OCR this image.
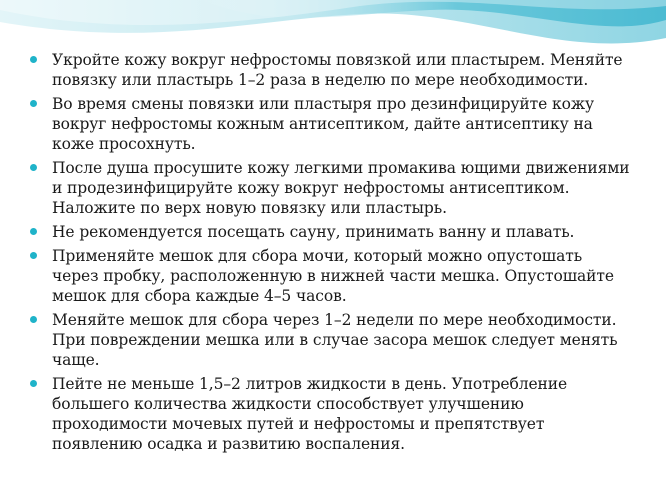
Укройте кожу вокруг нефростомы повязкой или пластырем. Меняйте повязку или пластырь 1–2 раза в неделю по мере необходимости.
Во время смены повязки или пластыря про дезинфицируйте кожу вокруг нефростомы кожным антисептиком, дайте антисептику на коже просохнуть.
После душа просушите кожу легкими промакива ющими движениями и продезинфицируйте кожу вокруг нефростомы антисептиком. Наложите по верх новую повязку или пластырь.
Не рекомендуется посещать сауну, принимать ванну и плавать.
Применяйте мешок для сбора мочи, который можно опустошать через пробку, расположенную в нижней части мешка. Опустошайте мешок для сбора каждые 4–5 часов.
Меняйте мешок для сбора через 1–2 недели по мере необходимости. При повреждении мешка или в случае засора мешок следует менять чаще.
Пейте не меньше 1,5–2 литров жидкости в день. Употребление большего количества жидкости способствует улучшению проходимости мочевых путей и нефростомы и препятствует появлению осадка и развитию воспаления.
